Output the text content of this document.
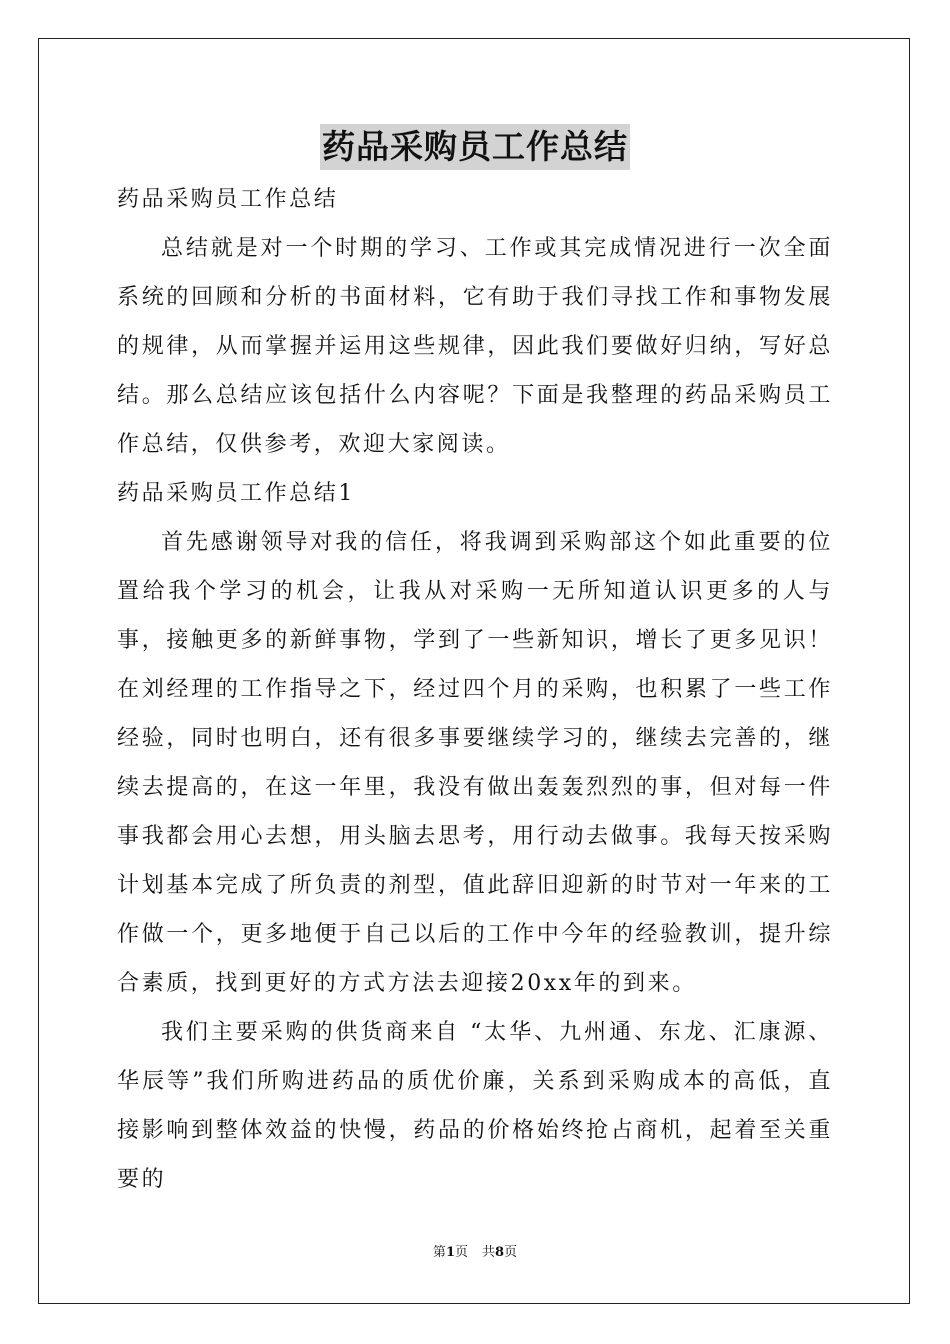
药品采购员工作总结

药品采购员工作总结

总结就是对一个时期的学习、工作或其完成情况进行一次全面系统的回顾和分析的书面材料，它有助于我们寻找工作和事物发展的规律，从而掌握并运用这些规律，因此我们要做好归纳，写好总结。那么总结应该包括什么内容呢？下面是我整理的药品采购员工作总结，仅供参考，欢迎大家阅读。

药品采购员工作总结1

首先感谢领导对我的信任，将我调到采购部这个如此重要的位置给我个学习的机会，让我从对采购一无所知道认识更多的人与事，接触更多的新鲜事物，学到了一些新知识，增长了更多见识！在刘经理的工作指导之下，经过四个月的采购，也积累了一些工作经验，同时也明白，还有很多事要继续学习的，继续去完善的，继续去提高的，在这一年里，我没有做出轰轰烈烈的事，但对每一件事我都会用心去想，用头脑去思考，用行动去做事。我每天按采购计划基本完成了所负责的剂型，值此辞旧迎新的时节对一年来的工作做一个，更多地便于自己以后的工作中今年的经验教训，提升综合素质，找到更好的方式方法去迎接20xx年的到来。

我们主要采购的供货商来自 “太华、九州通、东龙、汇康源、华辰等”我们所购进药品的质优价廉，关系到采购成本的高低，直接影响到整体效益的快慢，药品的价格始终抢占商机，起着至关重要的

第1页 共8页
